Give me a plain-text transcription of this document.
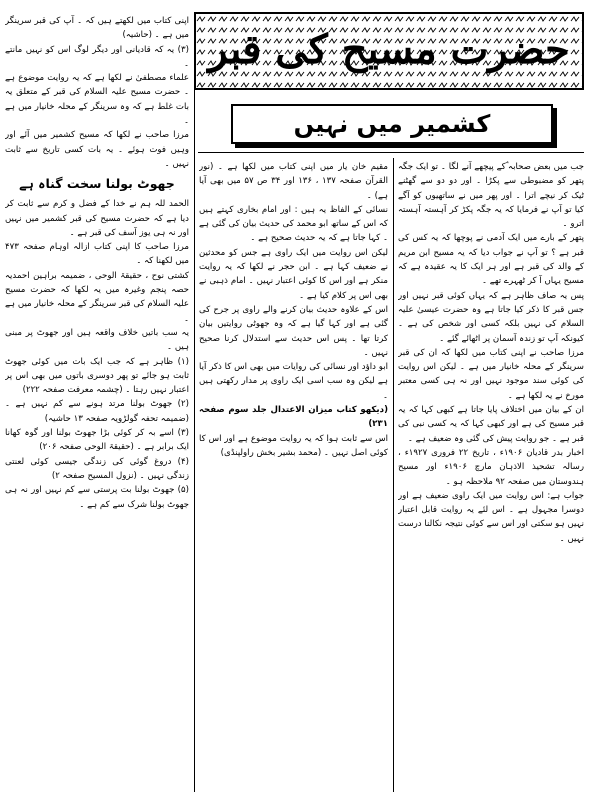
حضرت مسیح کی قبر
کشمیر میں نہیں

جب میں بعض صحابہ ؓکے پیچھے آنے لگا ۔ تو ایک جگہ پتھر کو مضبوطی سے پکڑا ۔ اور دو دو سے گھٹنے ٹیک کر نیچے اترا ۔ اور پھر میں نے ساتھیوں کو آگے کیا تو آپ نے فرمایا کہ یہ جگہ پکڑ کر آہستہ آہستہ اترو ۔

پتھر کے بارے میں ایک آدمی نے پوچھا کہ یہ کس کی قبر ہے ؟ تو آپ نے جواب دیا کہ یہ مسیح ابن مریم کے والد کی قبر ہے اور ہر ایک کا یہ عقیدہ ہے کہ مسیح یہاں آ کر ٹھہرے تھے ۔

پس یہ صاف ظاہر ہے کہ یہاں کوئی قبر نہیں اور جس قبر کا ذکر کیا جاتا ہے وہ حضرت عیسیٰ علیہ السلام کی نہیں بلکہ کسی اور شخص کی ہے ۔ کیونکہ آپ تو زندہ آسمان پر اٹھائے گئے ۔

مرزا صاحب نے اپنی کتاب میں لکھا کہ ان کی قبر سرینگر کے محلہ خانیار میں ہے ۔ لیکن اس روایت کی کوئی سند موجود نہیں اور نہ ہی کسی معتبر مورخ نے یہ لکھا ہے ۔

ان کے بیان میں اختلاف پایا جاتا ہے کبھی کہا کہ یہ قبر مسیح کی ہے اور کبھی کہا کہ یہ کسی نبی کی قبر ہے ۔ جو روایت پیش کی گئی وہ ضعیف ہے ۔

اخبار بدر قادیان ۱۹۰۶ء ، تاریخ ۲۲ فروری ۱۹۲۷ء ، رسالہ تشحیذ الاذہان مارچ ۱۹۰۶ء اور مسیح ہندوستان میں صفحہ ۹۲ ملاحظہ ہو ۔

جواب ہے: اس روایت میں ایک راوی ضعیف ہے اور دوسرا مجہول ہے ۔ اس لئے یہ روایت قابل اعتبار نہیں ہو سکتی اور اس سے کوئی نتیجہ نکالنا درست نہیں ۔

مقیم خان یار میں اپنی کتاب میں لکھا ہے ۔ (نور القرآن صفحہ ۱۳۷ ، ۱۳۶ اور ۳۴ ص ۵۷ میں بھی آیا ہے) ۔

نسائی کے الفاظ یہ ہیں : اور امام بخاری کہتے ہیں کہ اس کے ساتھ ابو محمد کی حدیث بیان کی گئی ہے ۔ کہا جاتا ہے کہ یہ حدیث صحیح ہے ۔

لیکن اس روایت میں ایک راوی ہے جس کو محدثین نے ضعیف کہا ہے ۔ ابن حجر نے لکھا کہ یہ روایت منکر ہے اور اس کا کوئی اعتبار نہیں ۔ امام ذہبی نے بھی اس پر کلام کیا ہے ۔

اس کے علاوہ حدیث بیان کرنے والے راوی پر جرح کی گئی ہے اور کہا گیا ہے کہ وہ جھوٹی روایتیں بیان کرتا تھا ۔ پس اس حدیث سے استدلال کرنا صحیح نہیں ۔

ابو داؤد اور نسائی کی روایات میں بھی اس کا ذکر آیا ہے لیکن وہ سب اسی ایک راوی پر مدار رکھتی ہیں ۔

(دیکھو کتاب میزان الاعتدال جلد سوم صفحہ ۲۳۱)

اس سے ثابت ہوا کہ یہ روایت موضوع ہے اور اس کا کوئی اصل نہیں ۔ (محمد بشیر بخش راولپنڈی)

اپنی کتاب میں لکھتے ہیں کہ ۔ آپ کی قبر سرینگر میں ہے ۔ (حاشیہ)

(۳) یہ کہ قادیانی اور دیگر لوگ اس کو نہیں مانتے ۔

علماء مصطفیٰ نے لکھا ہے کہ یہ روایت موضوع ہے ۔ حضرت مسیح علیہ السلام کی قبر کے متعلق یہ بات غلط ہے کہ وہ سرینگر کے محلہ خانیار میں ہے ۔

مرزا صاحب نے لکھا کہ مسیح کشمیر میں آئے اور وہیں فوت ہوئے ۔ یہ بات کسی تاریخ سے ثابت نہیں ۔

جھوٹ بولنا سخت گناہ ہے

الحمد للہ ہم نے خدا کے فضل و کرم سے ثابت کر دیا ہے کہ حضرت مسیح کی قبر کشمیر میں نہیں اور نہ ہی یوز آسف کی قبر ہے ۔

مرزا صاحب کا اپنی کتاب ازالہ اوہام صفحہ ۴۷۳ میں لکھنا کہ ۔

کشتی نوح ، حقیقۃ الوحی ، ضمیمہ براہین احمدیہ حصہ پنجم وغیرہ میں یہ لکھا کہ حضرت مسیح علیہ السلام کی قبر سرینگر کے محلہ خانیار میں ہے ۔

یہ سب باتیں خلاف واقعہ ہیں اور جھوٹ پر مبنی ہیں ۔

(۱) ظاہر ہے کہ جب ایک بات میں کوئی جھوٹ ثابت ہو جائے تو پھر دوسری باتوں میں بھی اس پر اعتبار نہیں رہتا ۔ (چشمہ معرفت صفحہ ۲۲۲)

(۲) جھوٹ بولنا مرتد ہونے سے کم نہیں ہے ۔ (ضمیمہ تحفہ گولڑویہ صفحہ ۱۳ حاشیہ)

(۳) اسے بہ کر کوئی بڑا جھوٹ بولنا اور گوہ کھانا ایک برابر ہے ۔ (حقیقۃ الوحی صفحہ ۲۰۶)

(۴) دروغ گوئی کی زندگی جیسی کوئی لعنتی زندگی نہیں ۔ (نزول المسیح صفحہ ۲)

(۵) جھوٹ بولنا بت پرستی سے کم نہیں اور نہ ہی جھوٹ بولنا شرک سے کم ہے ۔
